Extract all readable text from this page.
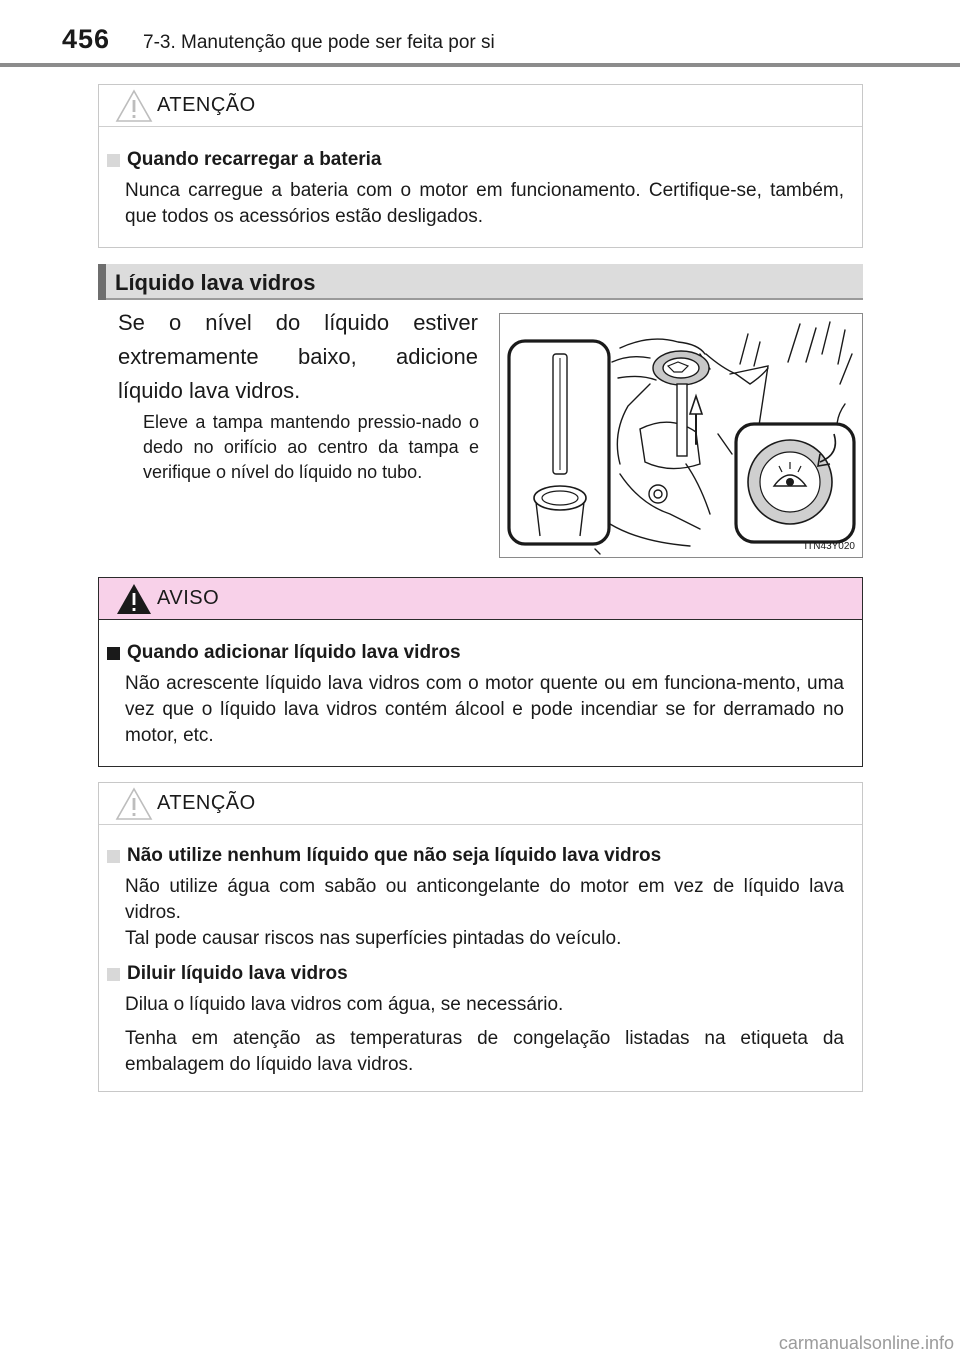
456 7-3. Manutenção que pode ser feita por si
ATENÇÃO
Quando recarregar a bateria

Nunca carregue a bateria com o motor em funcionamento. Certifique-se, também, que todos os acessórios estão desligados.

Líquido lava vidros

Se o nível do líquido estiver extremamente baixo, adicione líquido lava vidros.

Eleve a tampa mantendo pressio-nado o dedo no orifício ao centro da tampa e verifique o nível do líquido no tubo.

ITN43Y020
AVISO
Quando adicionar líquido lava vidros

Não acrescente líquido lava vidros com o motor quente ou em funciona-mento, uma vez que o líquido lava vidros contém álcool e pode incendiar se for derramado no motor, etc.

ATENÇÃO
Não utilize nenhum líquido que não seja líquido lava vidros

Não utilize água com sabão ou anticongelante do motor em vez de líquido lava vidros.
Tal pode causar riscos nas superfícies pintadas do veículo.

Diluir líquido lava vidros

Dilua o líquido lava vidros com água, se necessário.

Tenha em atenção as temperaturas de congelação listadas na etiqueta da embalagem do líquido lava vidros.

carmanualsonline.info
